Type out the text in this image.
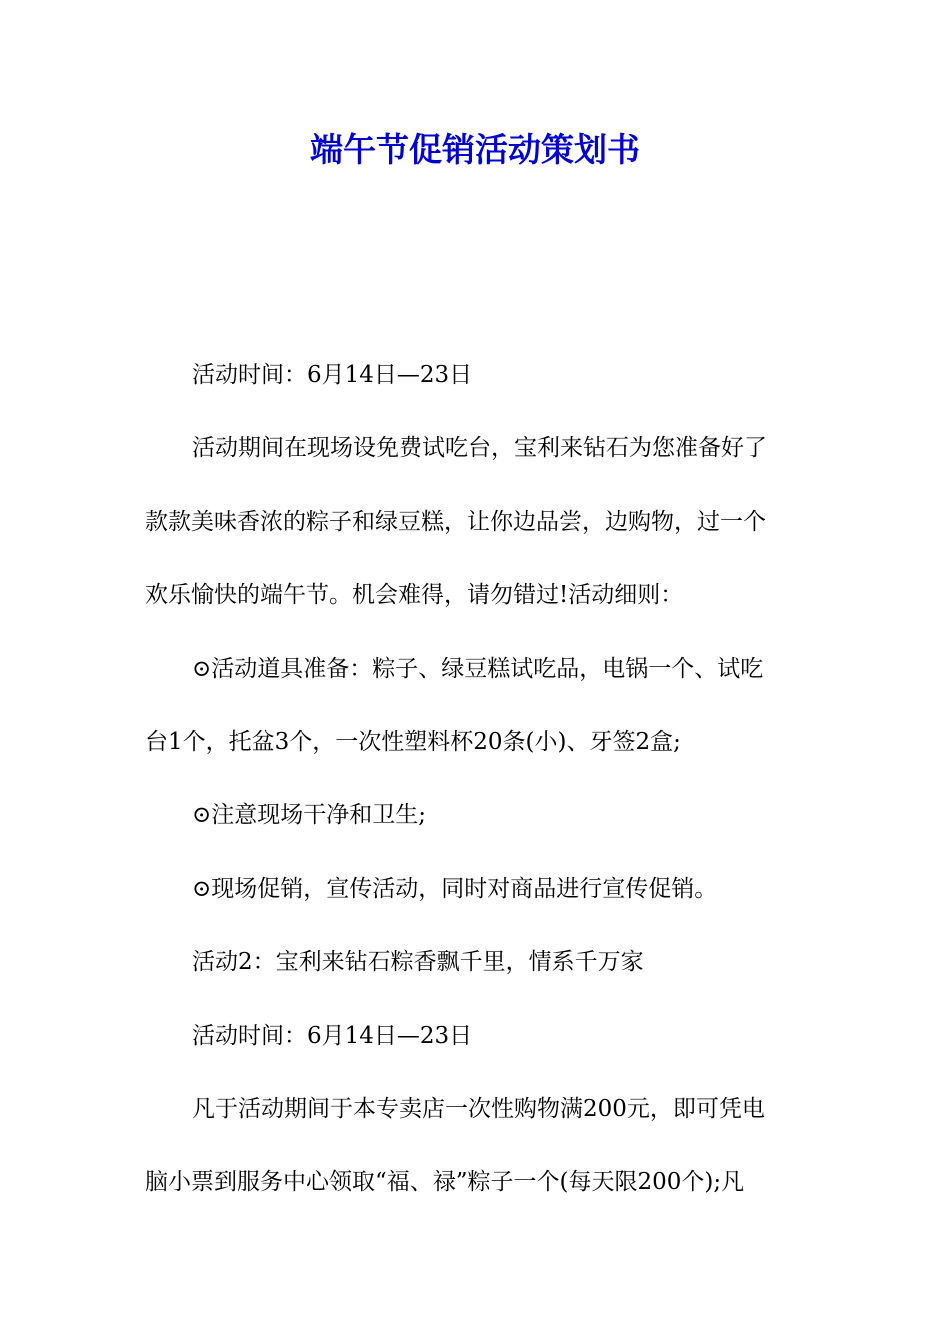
端午节促销活动策划书
活动时间：6月14日—23日
活动期间在现场设免费试吃台，宝利来钻石为您准备好了
款款美味香浓的粽子和绿豆糕，让你边品尝，边购物，过一个
欢乐愉快的端午节。机会难得，请勿错过!活动细则：
⊙活动道具准备：粽子、绿豆糕试吃品，电锅一个、试吃
台1个，托盆3个，一次性塑料杯20条(小)、牙签2盒;
⊙注意现场干净和卫生;
⊙现场促销，宣传活动，同时对商品进行宣传促销。
活动2：宝利来钻石粽香飘千里，情系千万家
活动时间：6月14日—23日
凡于活动期间于本专卖店一次性购物满200元，即可凭电
脑小票到服务中心领取“福、禄”粽子一个(每天限200个);凡
